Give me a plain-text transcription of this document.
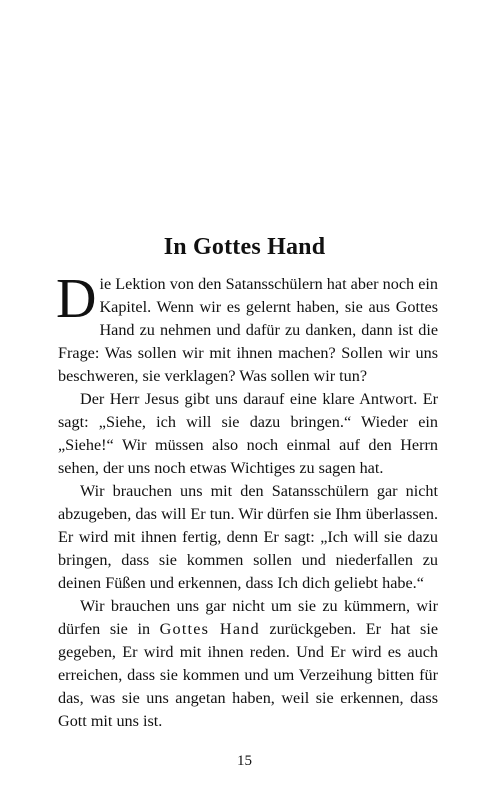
In Gottes Hand

Die Lektion von den Satansschülern hat aber noch ein Kapitel. Wenn wir es gelernt haben, sie aus Gottes Hand zu nehmen und dafür zu danken, dann ist die Frage: Was sollen wir mit ihnen machen? Sollen wir uns beschweren, sie verklagen? Was sollen wir tun?

Der Herr Jesus gibt uns darauf eine klare Antwort. Er sagt: „Siehe, ich will sie dazu bringen.“ Wieder ein „Siehe!“ Wir müssen also noch einmal auf den Herrn sehen, der uns noch etwas Wichtiges zu sagen hat.

Wir brauchen uns mit den Satansschülern gar nicht abzugeben, das will Er tun. Wir dürfen sie Ihm überlassen. Er wird mit ihnen fertig, denn Er sagt: „Ich will sie dazu bringen, dass sie kommen sollen und niederfallen zu deinen Füßen und erkennen, dass Ich dich geliebt habe.“

Wir brauchen uns gar nicht um sie zu kümmern, wir dürfen sie in Gottes Hand zurückgeben. Er hat sie gegeben, Er wird mit ihnen reden. Und Er wird es auch erreichen, dass sie kommen und um Verzeihung bitten für das, was sie uns angetan haben, weil sie erkennen, dass Gott mit uns ist.

15
